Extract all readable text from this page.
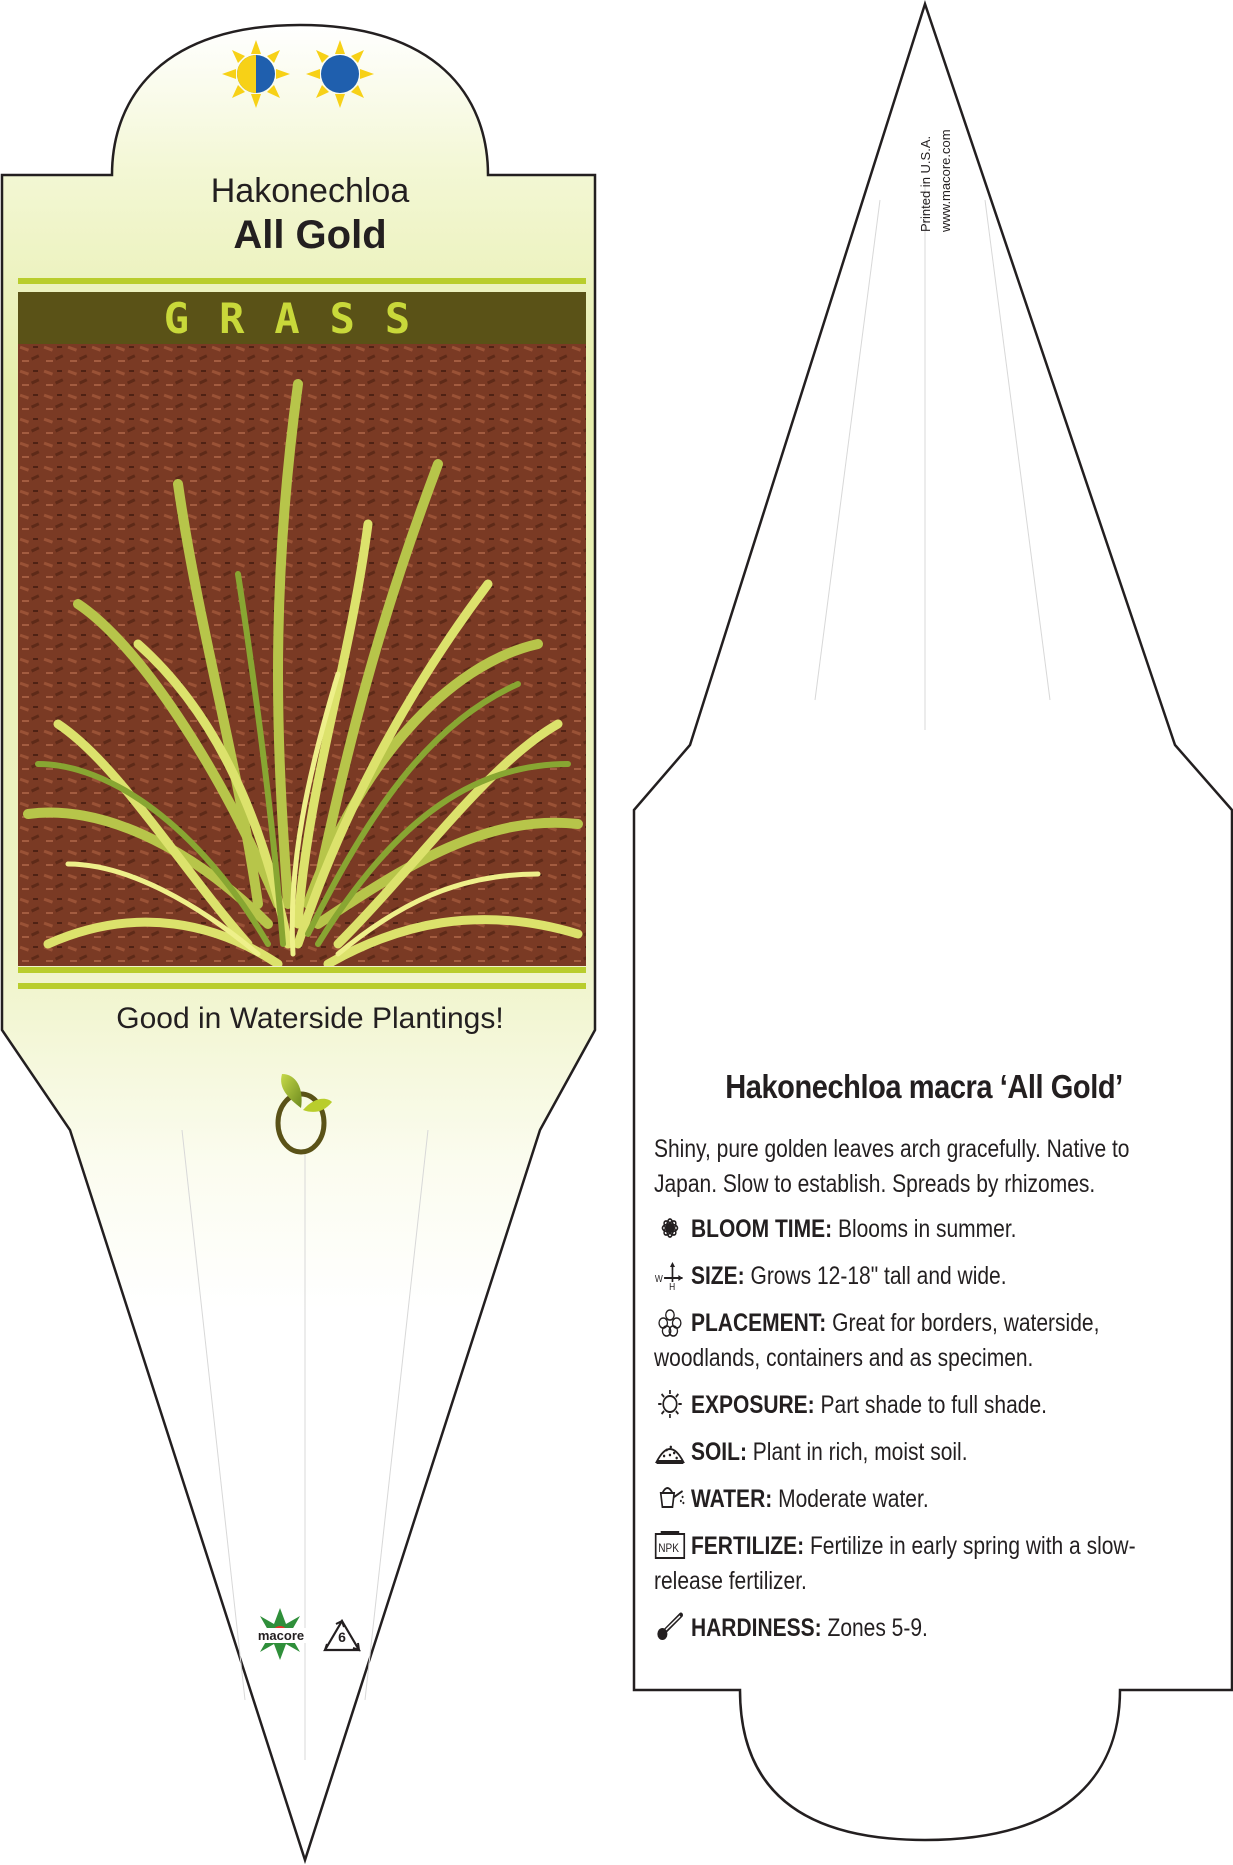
Hakonechloa
All Gold
GRASS
Good in Waterside Plantings!
macore	6
Printed in U.S.A. www.macore.com
Hakonechloa macra ‘All Gold’

Shiny, pure golden leaves arch gracefully. Native to Japan. Slow to establish. Spreads by rhizomes.

BLOOM TIME: Blooms in summer.
W
H SIZE: Grows 12-18" tall and wide.
PLACEMENT: Great for borders, waterside, woodlands, containers and as specimen.
EXPOSURE: Part shade to full shade.
SOIL: Plant in rich, moist soil.
WATER: Moderate water.
NPK FERTILIZE: Fertilize in early spring with a slow-release fertilizer.
HARDINESS: Zones 5-9.
